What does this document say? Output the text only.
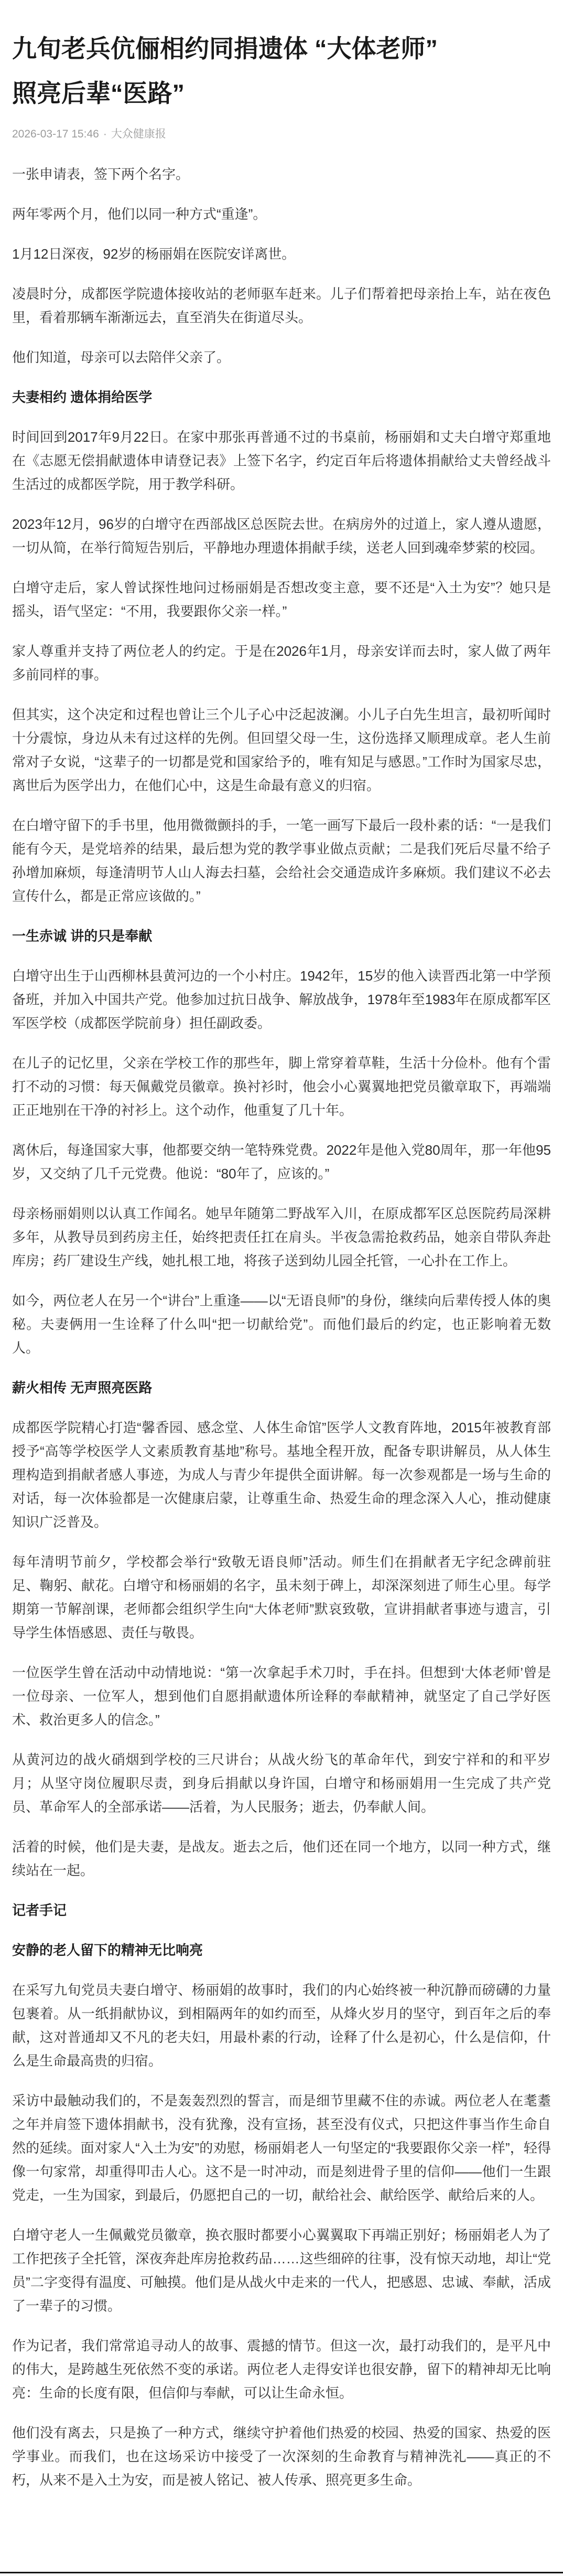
九旬老兵伉俪相约同捐遗体 “大体老师”
照亮后辈“医路”
2026-03-17 15:46 · 大众健康报

一张申请表，签下两个名字。

两年零两个月，他们以同一种方式“重逢”。

1月12日深夜，92岁的杨丽娟在医院安详离世。

凌晨时分，成都医学院遗体接收站的老师驱车赶来。儿子们帮着把母亲抬上车，站在夜色里，看着那辆车渐渐远去，直至消失在街道尽头。

他们知道，母亲可以去陪伴父亲了。

夫妻相约 遗体捐给医学

时间回到2017年9月22日。在家中那张再普通不过的书桌前，杨丽娟和丈夫白增守郑重地在《志愿无偿捐献遗体申请登记表》上签下名字，约定百年后将遗体捐献给丈夫曾经战斗生活过的成都医学院，用于教学科研。

2023年12月，96岁的白增守在西部战区总医院去世。在病房外的过道上，家人遵从遗愿，一切从简，在举行简短告别后，平静地办理遗体捐献手续，送老人回到魂牵梦萦的校园。

白增守走后，家人曾试探性地问过杨丽娟是否想改变主意，要不还是“入土为安”？她只是摇头，语气坚定：“不用，我要跟你父亲一样。”

家人尊重并支持了两位老人的约定。于是在2026年1月，母亲安详而去时，家人做了两年多前同样的事。

但其实，这个决定和过程也曾让三个儿子心中泛起波澜。小儿子白先生坦言，最初听闻时十分震惊，身边从未有过这样的先例。但回望父母一生，这份选择又顺理成章。老人生前常对子女说，“这辈子的一切都是党和国家给予的，唯有知足与感恩。”工作时为国家尽忠，离世后为医学出力，在他们心中，这是生命最有意义的归宿。

在白增守留下的手书里，他用微微颤抖的手，一笔一画写下最后一段朴素的话：“一是我们能有今天，是党培养的结果，最后想为党的教学事业做点贡献；二是我们死后尽量不给子孙增加麻烦，每逢清明节人山人海去扫墓，会给社会交通造成许多麻烦。我们建议不必去宣传什么，都是正常应该做的。”

一生赤诚 讲的只是奉献

白增守出生于山西柳林县黄河边的一个小村庄。1942年，15岁的他入读晋西北第一中学预备班，并加入中国共产党。他参加过抗日战争、解放战争，1978年至1983年在原成都军区军医学校（成都医学院前身）担任副政委。

在儿子的记忆里，父亲在学校工作的那些年，脚上常穿着草鞋，生活十分俭朴。他有个雷打不动的习惯：每天佩戴党员徽章。换衬衫时，他会小心翼翼地把党员徽章取下，再端端正正地别在干净的衬衫上。这个动作，他重复了几十年。

离休后，每逢国家大事，他都要交纳一笔特殊党费。2022年是他入党80周年，那一年他95岁，又交纳了几千元党费。他说：“80年了，应该的。”

母亲杨丽娟则以认真工作闻名。她早年随第二野战军入川，在原成都军区总医院药局深耕多年，从教导员到药房主任，始终把责任扛在肩头。半夜急需抢救药品，她亲自带队奔赴库房；药厂建设生产线，她扎根工地，将孩子送到幼儿园全托管，一心扑在工作上。

如今，两位老人在另一个“讲台”上重逢——以“无语良师”的身份，继续向后辈传授人体的奥秘。夫妻俩用一生诠释了什么叫“把一切献给党”。而他们最后的约定，也正影响着无数人。

薪火相传 无声照亮医路

成都医学院精心打造“馨香园、感念堂、人体生命馆”医学人文教育阵地，2015年被教育部授予“高等学校医学人文素质教育基地”称号。基地全程开放，配备专职讲解员，从人体生理构造到捐献者感人事迹，为成人与青少年提供全面讲解。每一次参观都是一场与生命的对话，每一次体验都是一次健康启蒙，让尊重生命、热爱生命的理念深入人心，推动健康知识广泛普及。

每年清明节前夕，学校都会举行“致敬无语良师”活动。师生们在捐献者无字纪念碑前驻足、鞠躬、献花。白增守和杨丽娟的名字，虽未刻于碑上，却深深刻进了师生心里。每学期第一节解剖课，老师都会组织学生向“大体老师”默哀致敬，宣讲捐献者事迹与遗言，引导学生体悟感恩、责任与敬畏。

一位医学生曾在活动中动情地说：“第一次拿起手术刀时，手在抖。但想到‘大体老师’曾是一位母亲、一位军人，想到他们自愿捐献遗体所诠释的奉献精神，就坚定了自己学好医术、救治更多人的信念。”

从黄河边的战火硝烟到学校的三尺讲台；从战火纷飞的革命年代，到安宁祥和的和平岁月；从坚守岗位履职尽责，到身后捐献以身许国，白增守和杨丽娟用一生完成了共产党员、革命军人的全部承诺——活着，为人民服务；逝去，仍奉献人间。

活着的时候，他们是夫妻，是战友。逝去之后，他们还在同一个地方，以同一种方式，继续站在一起。

记者手记
安静的老人留下的精神无比响亮

在采写九旬党员夫妻白增守、杨丽娟的故事时，我们的内心始终被一种沉静而磅礴的力量包裹着。从一纸捐献协议，到相隔两年的如约而至，从烽火岁月的坚守，到百年之后的奉献，这对普通却又不凡的老夫妇，用最朴素的行动，诠释了什么是初心，什么是信仰，什么是生命最高贵的归宿。

采访中最触动我们的，不是轰轰烈烈的誓言，而是细节里藏不住的赤诚。两位老人在耄耋之年并肩签下遗体捐献书，没有犹豫，没有宣扬，甚至没有仪式，只把这件事当作生命自然的延续。面对家人“入土为安”的劝慰，杨丽娟老人一句坚定的“我要跟你父亲一样”，轻得像一句家常，却重得叩击人心。这不是一时冲动，而是刻进骨子里的信仰——他们一生跟党走，一生为国家，到最后，仍愿把自己的一切，献给社会、献给医学、献给后来的人。

白增守老人一生佩戴党员徽章，换衣服时都要小心翼翼取下再端正别好；杨丽娟老人为了工作把孩子全托管，深夜奔赴库房抢救药品……这些细碎的往事，没有惊天动地，却让“党员”二字变得有温度、可触摸。他们是从战火中走来的一代人，把感恩、忠诚、奉献，活成了一辈子的习惯。

作为记者，我们常常追寻动人的故事、震撼的情节。但这一次，最打动我们的，是平凡中的伟大，是跨越生死依然不变的承诺。两位老人走得安详也很安静，留下的精神却无比响亮：生命的长度有限，但信仰与奉献，可以让生命永恒。

他们没有离去，只是换了一种方式，继续守护着他们热爱的校园、热爱的国家、热爱的医学事业。而我们，也在这场采访中接受了一次深刻的生命教育与精神洗礼——真正的不朽，从来不是入土为安，而是被人铭记、被人传承、照亮更多生命。
